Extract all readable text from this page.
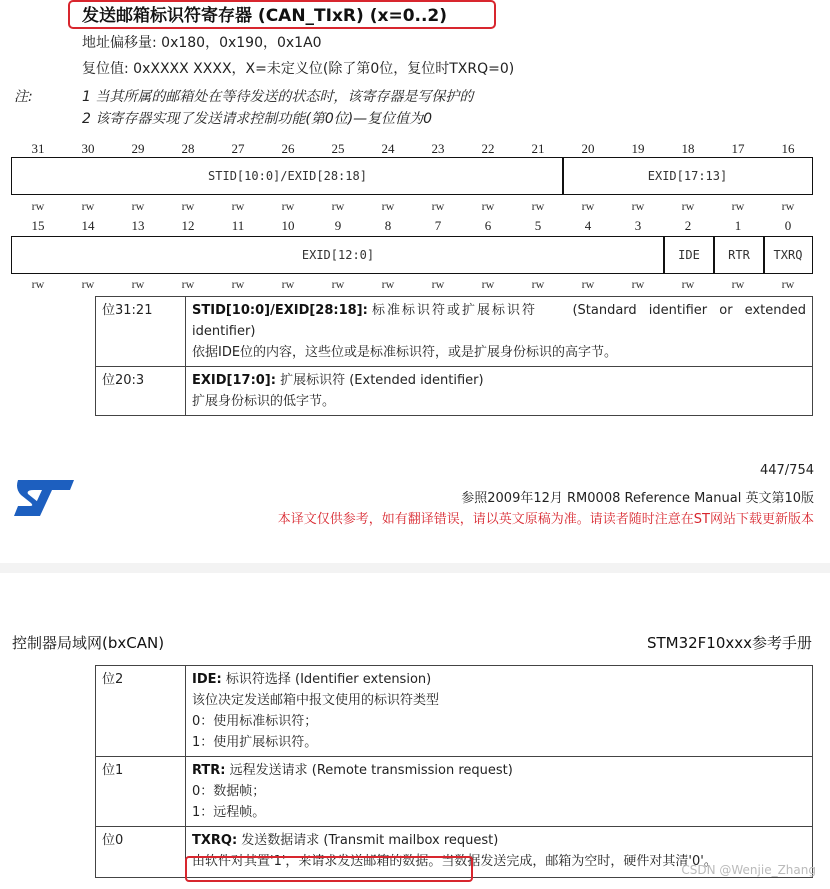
发送邮箱标识符寄存器 (CAN_TIxR) (x=0..2)
地址偏移量: 0x180，0x190，0x1A0
复位值: 0xXXXX XXXX，X=未定义位(除了第0位，复位时TXRQ=0)
注:	1 当其所属的邮箱处在等待发送的状态时，该寄存器是写保护的
2 该寄存器实现了发送请求控制功能(第0位)—复位值为0
31	30	29	28	27	26	25	24	23	22	21	20	19	18	17	16
STID[10:0]/EXID[28:18]	EXID[17:13]
rw	rw	rw	rw	rw	rw	rw	rw	rw	rw	rw	rw	rw	rw	rw	rw
15	14	13	12	11	10	9	8	7	6	5	4	3	2	1	0
EXID[12:0]	IDE RTR TXRQ
rw	rw	rw	rw	rw	rw	rw	rw	rw	rw	rw	rw	rw	rw	rw	rw
位31:21	STID[10:0]/EXID[28:18]: 标准标识符或扩展标识符 (Standard identifier or extended
identifier)
依据IDE位的内容，这些位或是标准标识符，或是扩展身份标识的高字节。

位20:3	EXID[17:0]: 扩展标识符 (Extended identifier)
扩展身份标识的低字节。
447/754
参照2009年12月 RM0008 Reference Manual 英文第10版
本译文仅供参考，如有翻译错误，请以英文原稿为准。请读者随时注意在ST网站下载更新版本
控制器局域网(bxCAN)	STM32F10xxx参考手册
位2	IDE: 标识符选择 (Identifier extension)
该位决定发送邮箱中报文使用的标识符类型
0：使用标准标识符；
1：使用扩展标识符。

位1	RTR: 远程发送请求 (Remote transmission request)
0：数据帧；
1：远程帧。

位0	TXRQ: 发送数据请求 (Transmit mailbox request)
由软件对其置'1'，来请求发送邮箱的数据。当数据发送完成，邮箱为空时，硬件对其清'0'。
CSDN @Wenjie_Zhang
